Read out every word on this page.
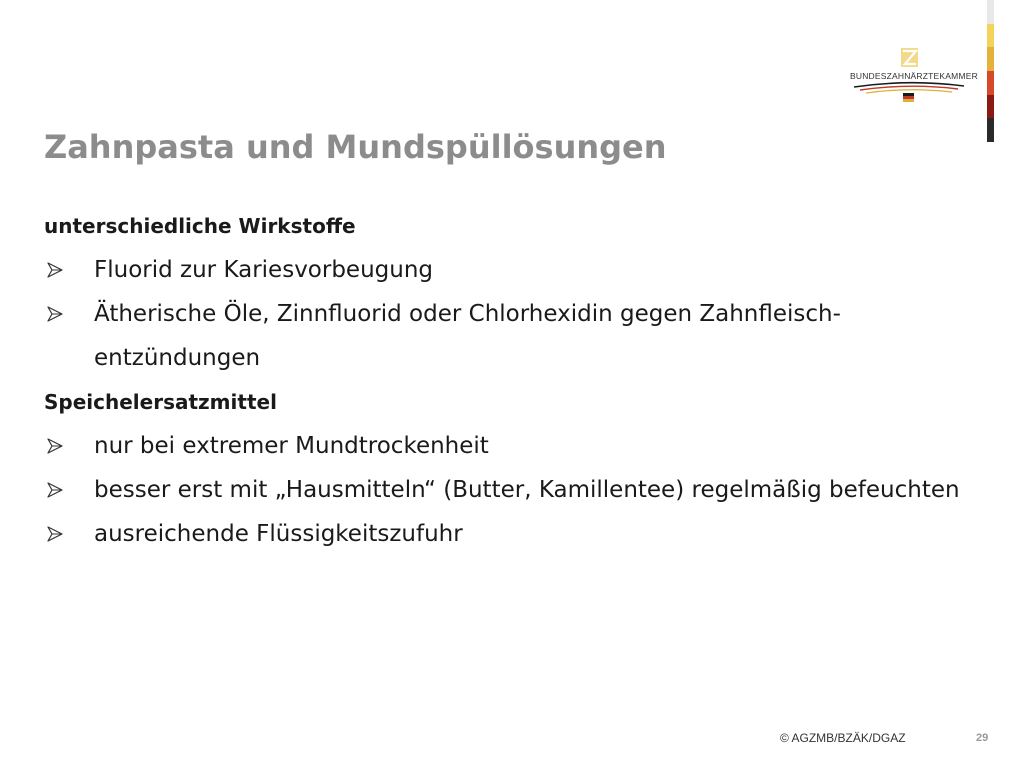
BUNDESZAHNÄRZTEKAMMER
Zahnpasta und Mundspüllösungen

unterschiedliche Wirkstoffe

Fluorid zur Kariesvorbeugung
Ätherische Öle, Zinnfluorid oder Chlorhexidin gegen Zahnfleisch-entzündungen

Speichelersatzmittel

nur bei extremer Mundtrockenheit
besser erst mit „Hausmitteln“ (Butter, Kamillentee) regelmäßig befeuchten
ausreichende Flüssigkeitszufuhr
© AGZMB/BZÄK/DGAZ	29
